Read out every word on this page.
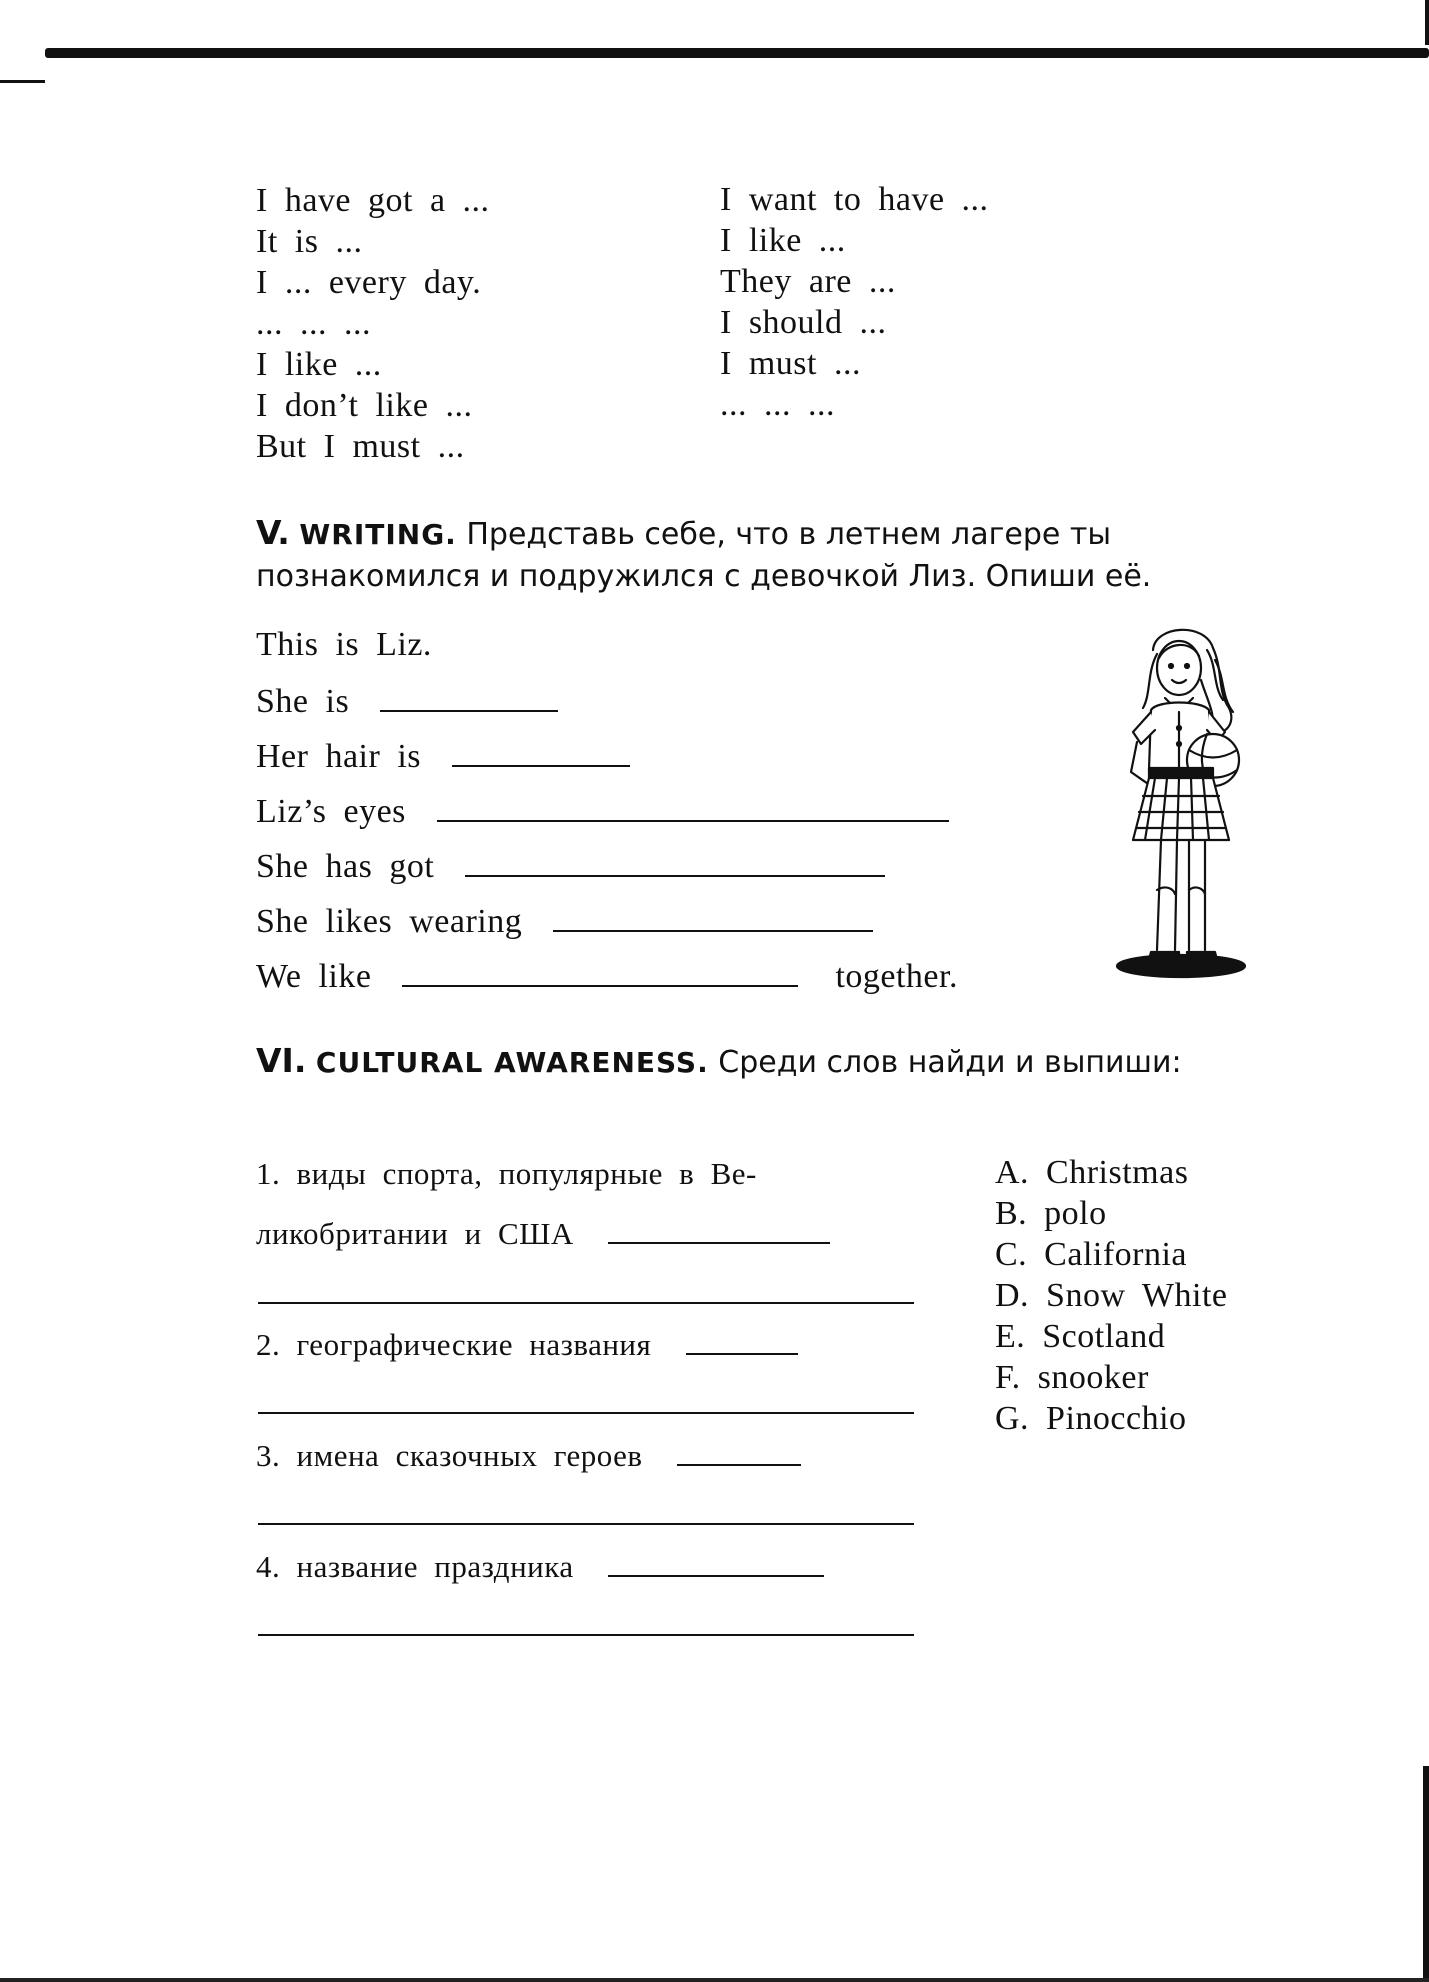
I have got a ...
It is ...
I ... every day.
... ... ...
I like ...
I don’t like ...
But I must ...
I want to have ...
I like ...
They are ...
I should ...
I must ...
... ... ...
V. WRITING. Представь себе, что в летнем лагере ты познакомился и подружился с девочкой Лиз. Опиши её.
This is Liz.
She is
Her hair is
Liz’s eyes
She has got
She likes wearing
We like	together.
VI. CULTURAL AWARENESS. Среди слов найди и выпиши:
1. виды спорта, популярные в Ве-
ликобритании и США
2. географические названия
3. имена сказочных героев
4. название праздника
A. Christmas
B. polo
C. California
D. Snow White
E. Scotland
F. snooker
G. Pinocchio
